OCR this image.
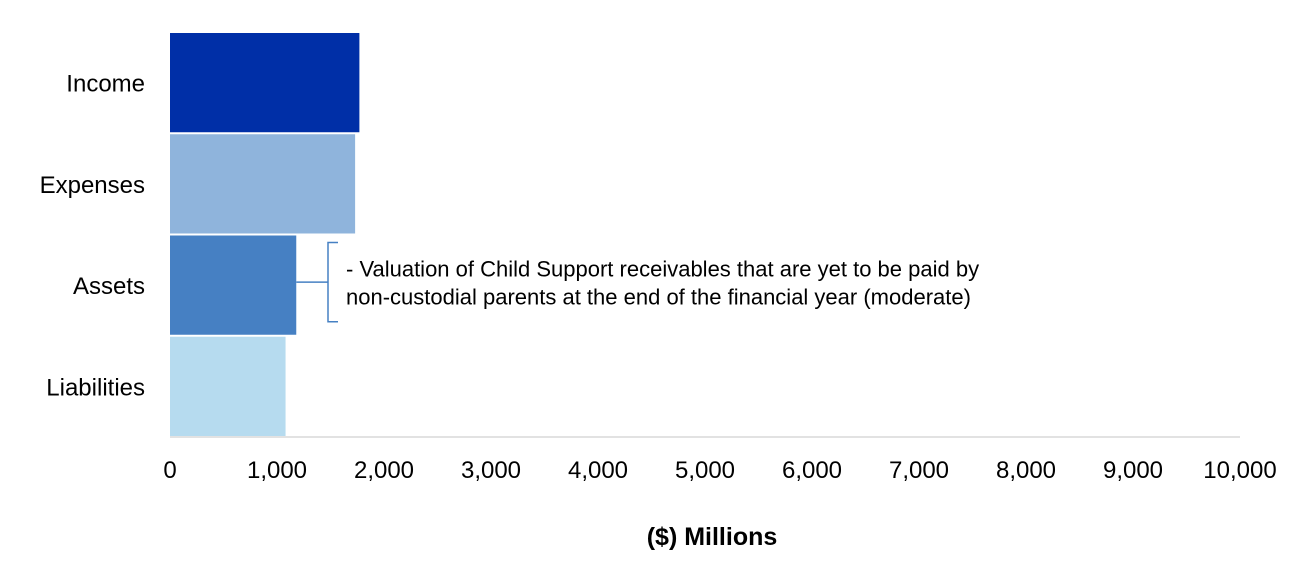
Income
Expenses
Assets
Liabilities
0	1,000 2,000 3,000 4,000 5,000 6,000 7,000 8,000 9,000 10,000
- Valuation of Child Support receivables that are yet to be paid by
non-custodial parents at the end of the financial year (moderate)
($) Millions
